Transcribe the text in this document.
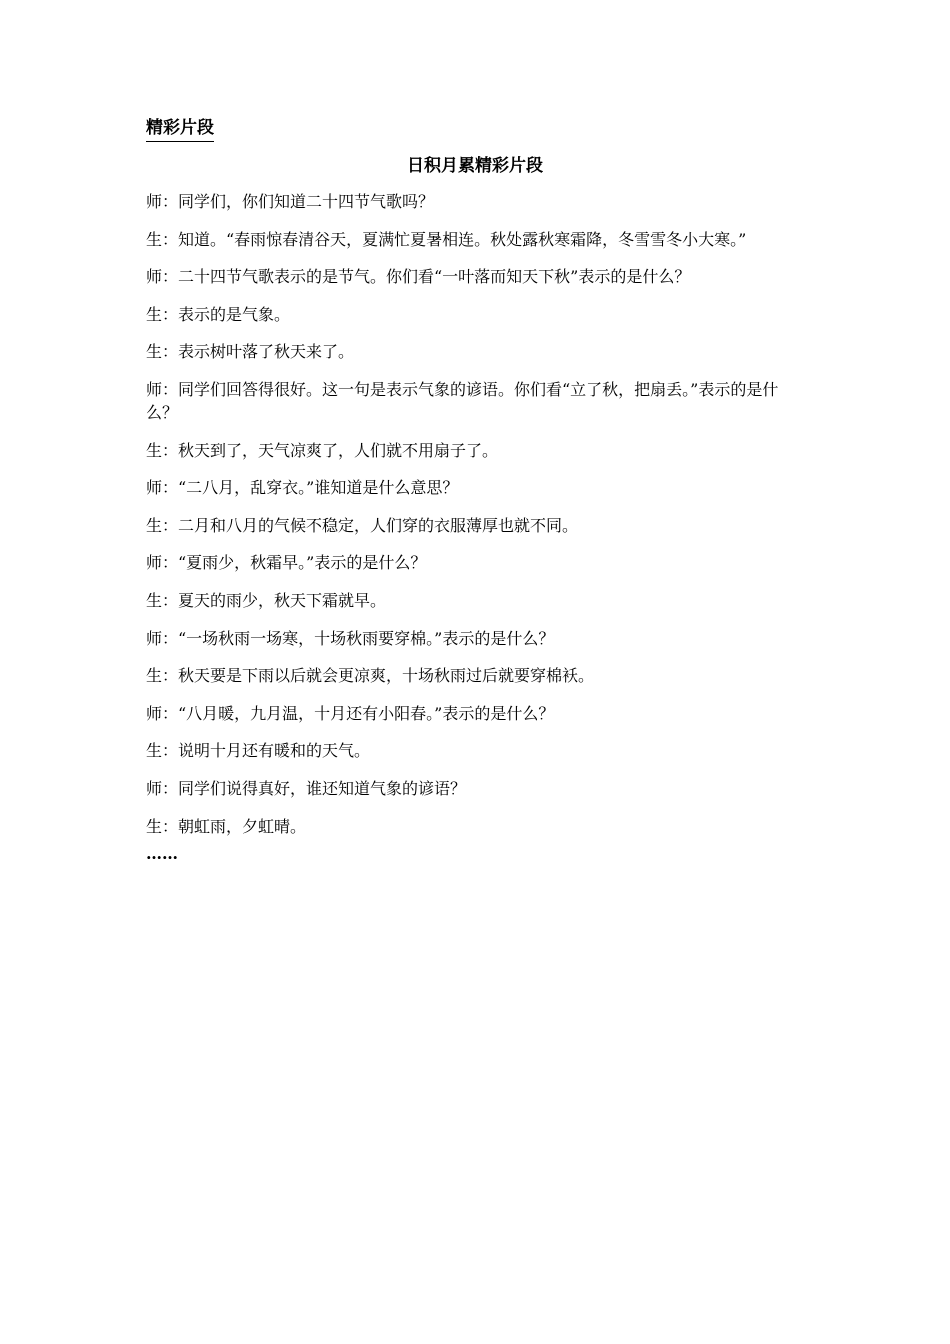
精彩片段
日积月累精彩片段
师：同学们，你们知道二十四节气歌吗？
生：知道。“春雨惊春清谷天，夏满忙夏暑相连。秋处露秋寒霜降，冬雪雪冬小大寒。”
师：二十四节气歌表示的是节气。你们看“一叶落而知天下秋”表示的是什么？
生：表示的是气象。
生：表示树叶落了秋天来了。
师：同学们回答得很好。这一句是表示气象的谚语。你们看“立了秋，把扇丢。”表示的是什么？
生：秋天到了，天气凉爽了，人们就不用扇子了。
师：“二八月，乱穿衣。”谁知道是什么意思？
生：二月和八月的气候不稳定，人们穿的衣服薄厚也就不同。
师：“夏雨少，秋霜早。”表示的是什么？
生：夏天的雨少，秋天下霜就早。
师：“一场秋雨一场寒，十场秋雨要穿棉。”表示的是什么？
生：秋天要是下雨以后就会更凉爽，十场秋雨过后就要穿棉袄。
师：“八月暖，九月温，十月还有小阳春。”表示的是什么？
生：说明十月还有暖和的天气。
师：同学们说得真好，谁还知道气象的谚语？
生：朝虹雨，夕虹晴。
……
